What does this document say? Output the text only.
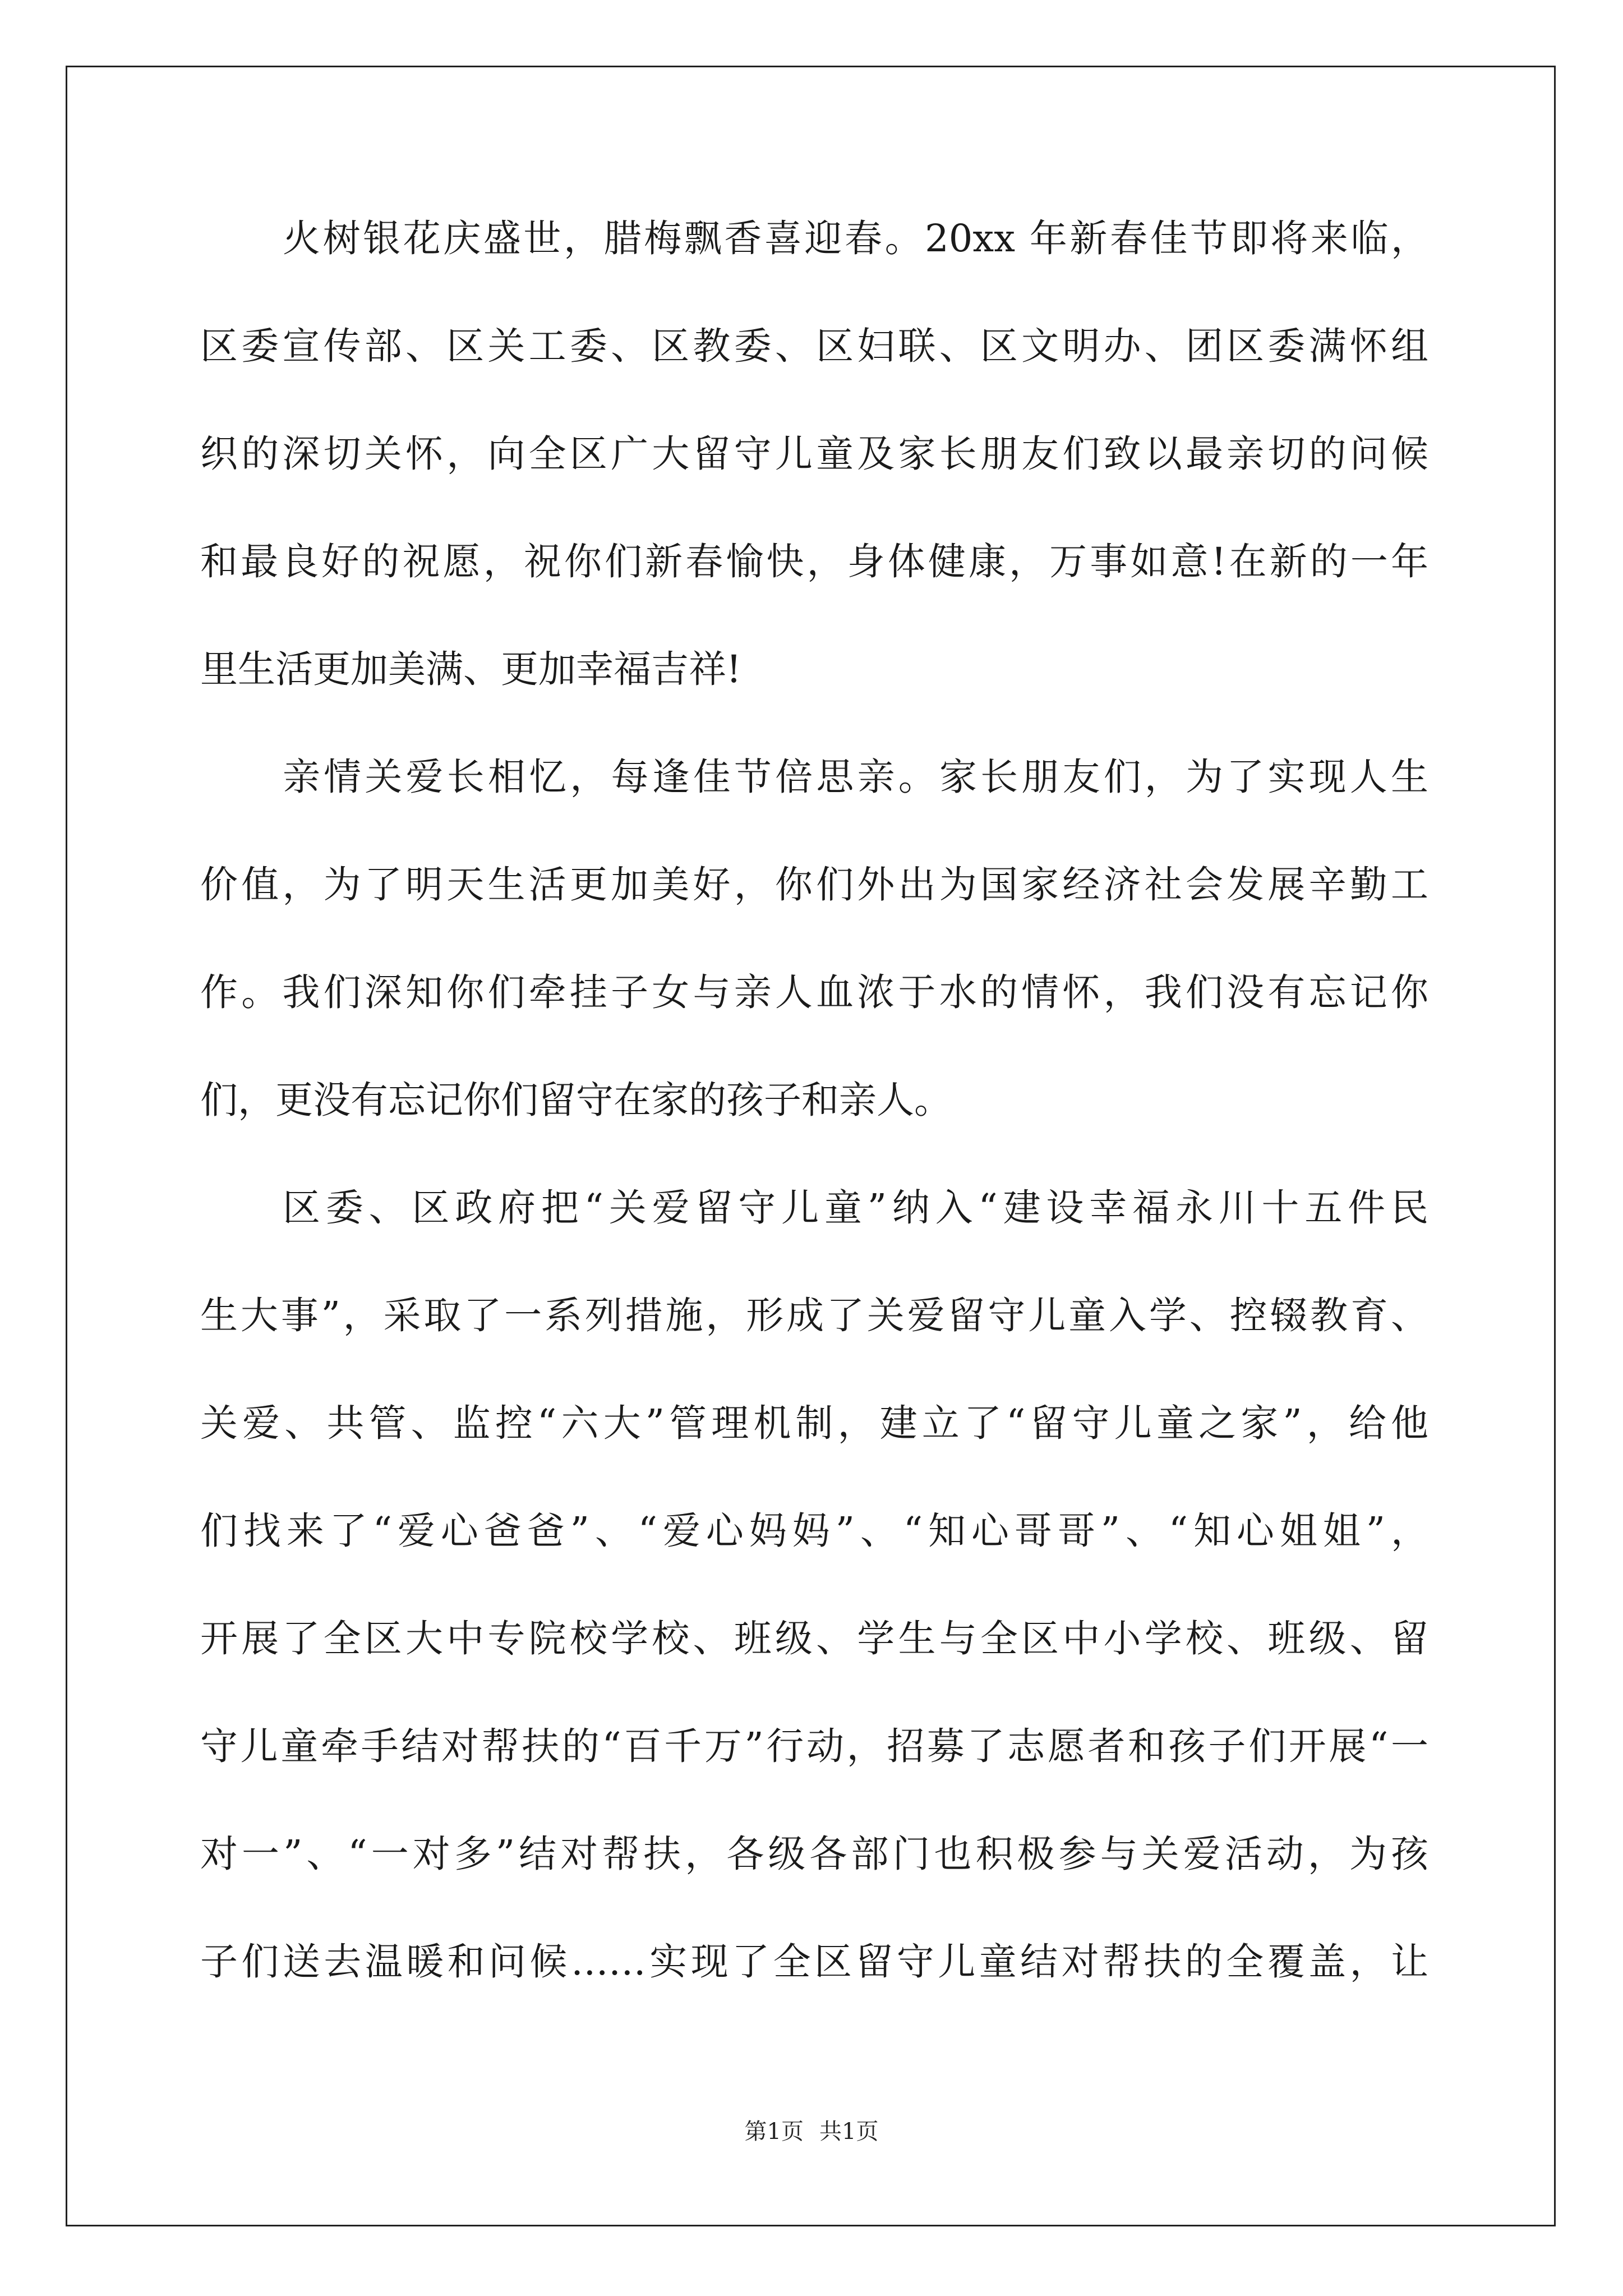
火树银花庆盛世，腊梅飘香喜迎春。20xx 年新春佳节即将来临，
区委宣传部、区关工委、区教委、区妇联、区文明办、团区委满怀组
织的深切关怀，向全区广大留守儿童及家长朋友们致以最亲切的问候
和最良好的祝愿，祝你们新春愉快，身体健康，万事如意!在新的一年
里生活更加美满、更加幸福吉祥!
亲情关爱长相忆，每逢佳节倍思亲。家长朋友们，为了实现人生
价值，为了明天生活更加美好，你们外出为国家经济社会发展辛勤工
作。我们深知你们牵挂子女与亲人血浓于水的情怀，我们没有忘记你
们，更没有忘记你们留守在家的孩子和亲人。
区委、区政府把“关爱留守儿童”纳入“建设幸福永川十五件民
生大事”，采取了一系列措施，形成了关爱留守儿童入学、控辍教育、
关爱、共管、监控“六大”管理机制，建立了“留守儿童之家”，给他
们找来了“爱心爸爸”、“爱心妈妈”、“知心哥哥”、“知心姐姐”，
开展了全区大中专院校学校、班级、学生与全区中小学校、班级、留
守儿童牵手结对帮扶的“百千万”行动，招募了志愿者和孩子们开展“一
对一”、“一对多”结对帮扶，各级各部门也积极参与关爱活动，为孩
子们送去温暖和问候……实现了全区留守儿童结对帮扶的全覆盖，让
第1页 共1页
